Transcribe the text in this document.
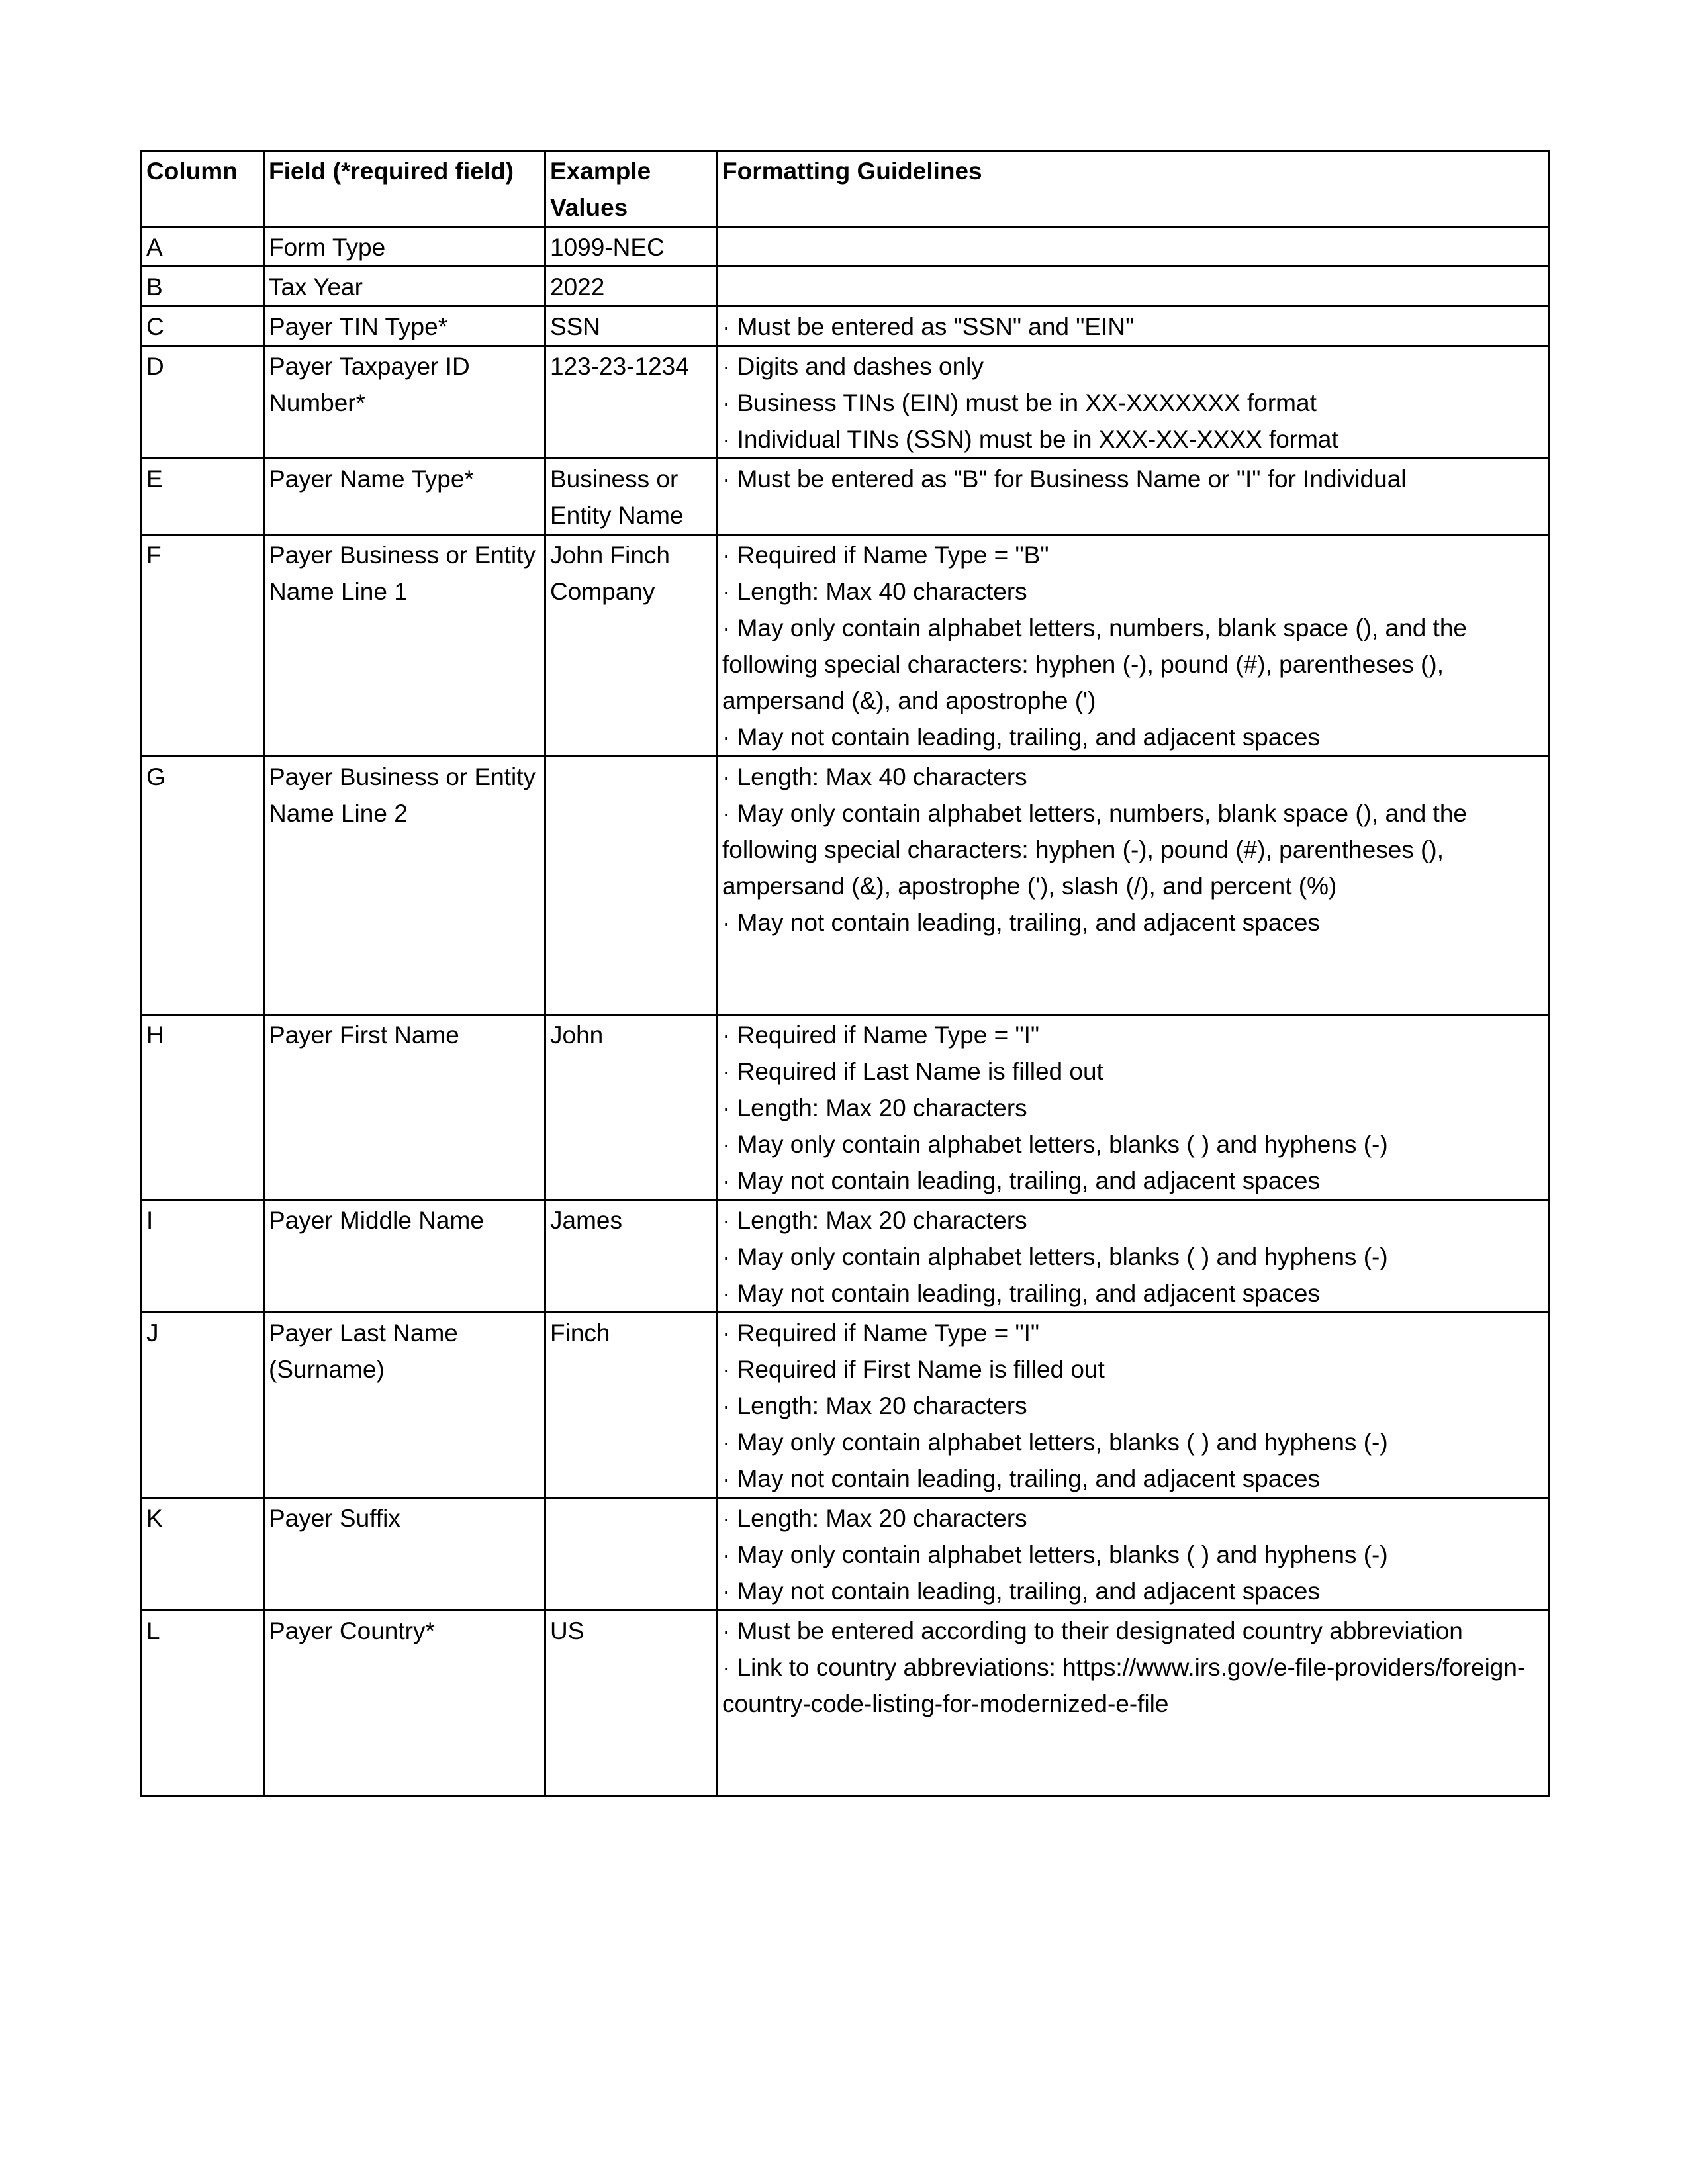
Column	Field (*required field)	Example Values	Formatting Guidelines
A	Form Type	1099-NEC	
B	Tax Year	2022	
C	Payer TIN Type*	SSN	· Must be entered as "SSN" and "EIN"

D	Payer Taxpayer ID Number*	123-23-1234	· Digits and dashes only
· Business TINs (EIN) must be in XX-XXXXXXX format
· Individual TINs (SSN) must be in XXX-XX-XXXX format

E	Payer Name Type*	Business or Entity Name	· Must be entered as "B" for Business Name or "I" for Individual

F	Payer Business or Entity Name Line 1	John Finch Company	· Required if Name Type = "B"
· Length: Max 40 characters
· May only contain alphabet letters, numbers, blank space (), and the following special characters: hyphen (-), pound (#), parentheses (), ampersand (&), and apostrophe (')
· May not contain leading, trailing, and adjacent spaces

G	Payer Business or Entity Name Line 2		· Length: Max 40 characters
· May only contain alphabet letters, numbers, blank space (), and the following special characters: hyphen (-), pound (#), parentheses (), ampersand (&), apostrophe ('), slash (/), and percent (%)
· May not contain leading, trailing, and adjacent spaces

H	Payer First Name	John	· Required if Name Type = "I"
· Required if Last Name is filled out
· Length: Max 20 characters
· May only contain alphabet letters, blanks ( ) and hyphens (-)
· May not contain leading, trailing, and adjacent spaces

I	Payer Middle Name	James	· Length: Max 20 characters
· May only contain alphabet letters, blanks ( ) and hyphens (-)
· May not contain leading, trailing, and adjacent spaces

J	Payer Last Name (Surname)	Finch	· Required if Name Type = "I"
· Required if First Name is filled out
· Length: Max 20 characters
· May only contain alphabet letters, blanks ( ) and hyphens (-)
· May not contain leading, trailing, and adjacent spaces

K	Payer Suffix		· Length: Max 20 characters
· May only contain alphabet letters, blanks ( ) and hyphens (-)
· May not contain leading, trailing, and adjacent spaces

L	Payer Country*	US	· Must be entered according to their designated country abbreviation
· Link to country abbreviations: https://www.irs.gov/e-file-providers/foreign-country-code-listing-for-modernized-e-file
